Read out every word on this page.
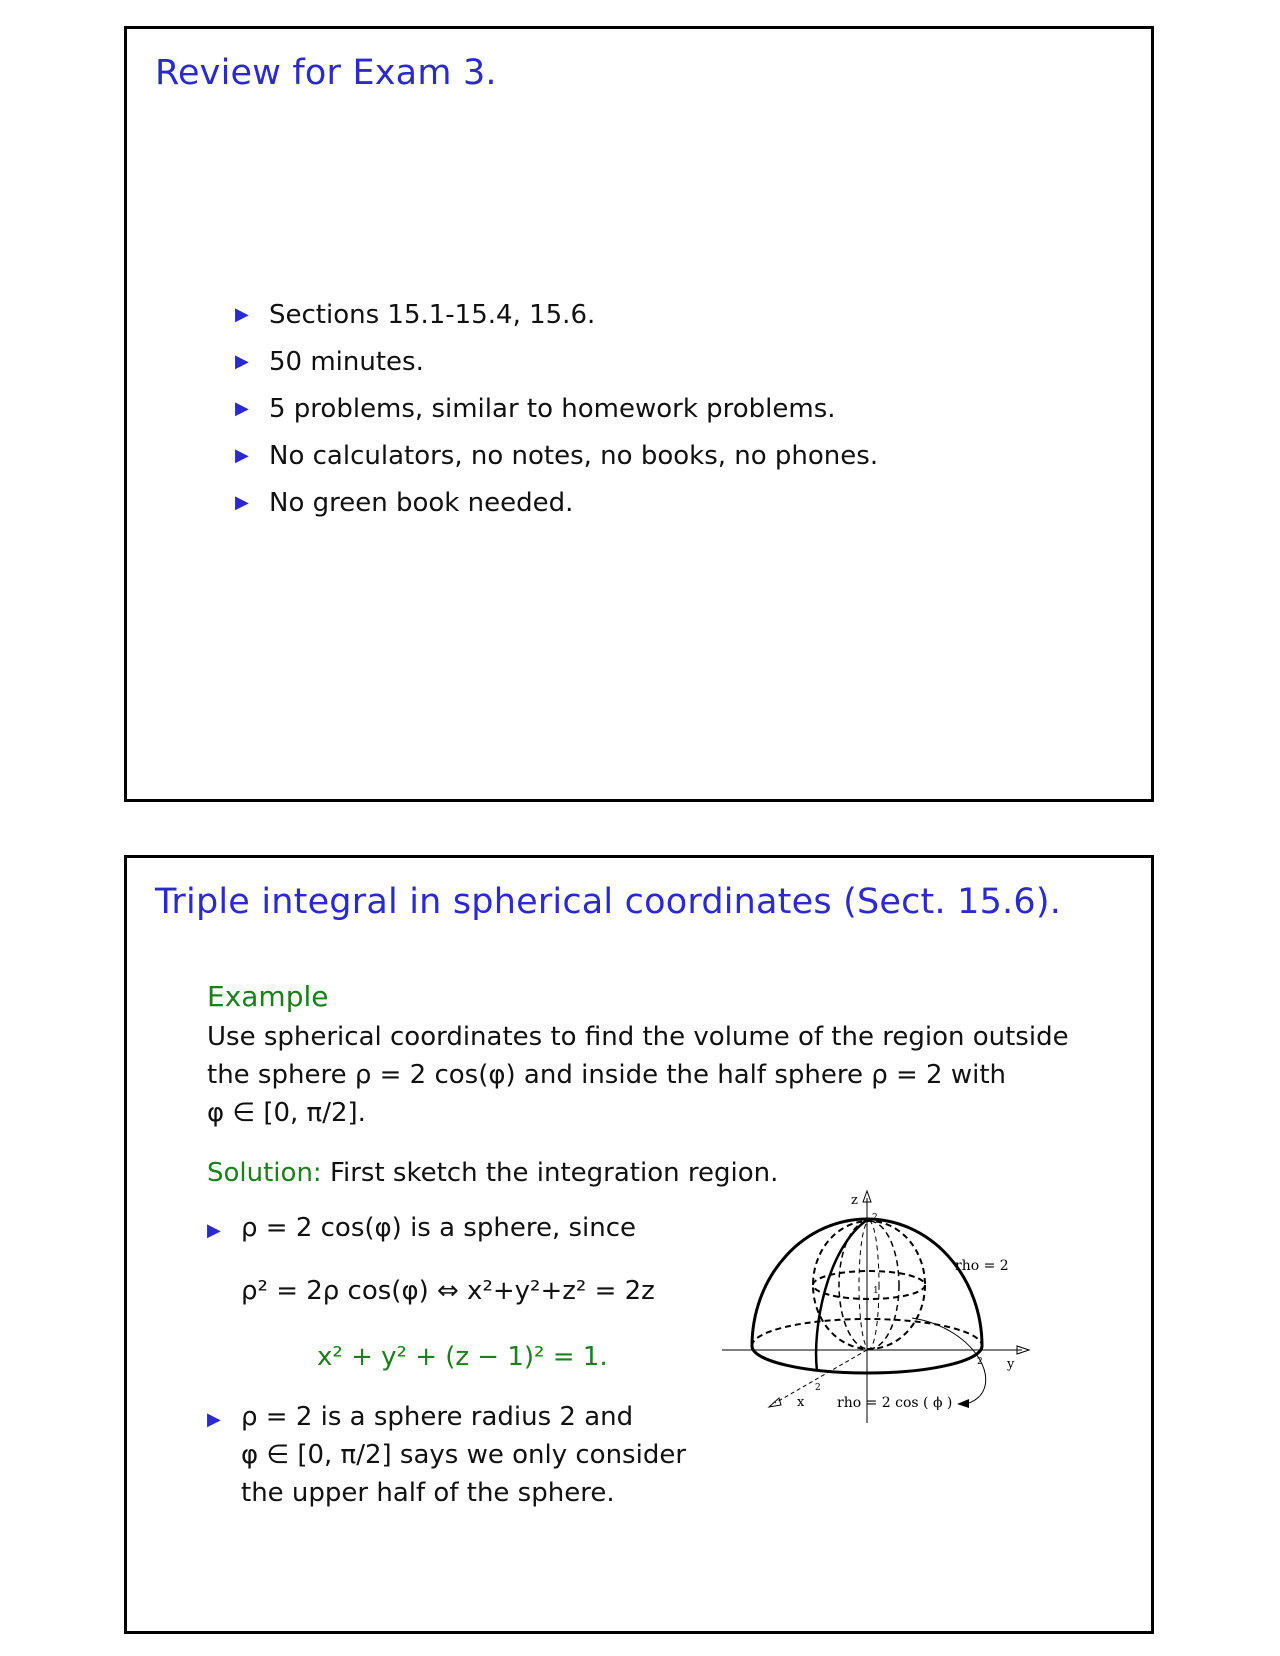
Review for Exam 3.
▶ Sections 15.1-15.4, 15.6.
▶ 50 minutes.
▶ 5 problems, similar to homework problems.
▶ No calculators, no notes, no books, no phones.
▶ No green book needed.
Triple integral in spherical coordinates (Sect. 15.6).
Example
Use spherical coordinates to find the volume of the region outside
the sphere ρ = 2 cos(φ) and inside the half sphere ρ = 2 with
φ ∈ [0, π/2].
Solution: First sketch the integration region.
▶ ρ = 2 cos(φ) is a sphere, since
ρ² = 2ρ cos(φ) ⇔ x²+y²+z² = 2z
x² + y² + (z − 1)² = 1.
▶ ρ = 2 is a sphere radius 2 and
φ ∈ [0, π/2] says we only consider
the upper half of the sphere.
z
2
1
2 y
2
x
rho = 2
rho = 2 cos ( ϕ )
